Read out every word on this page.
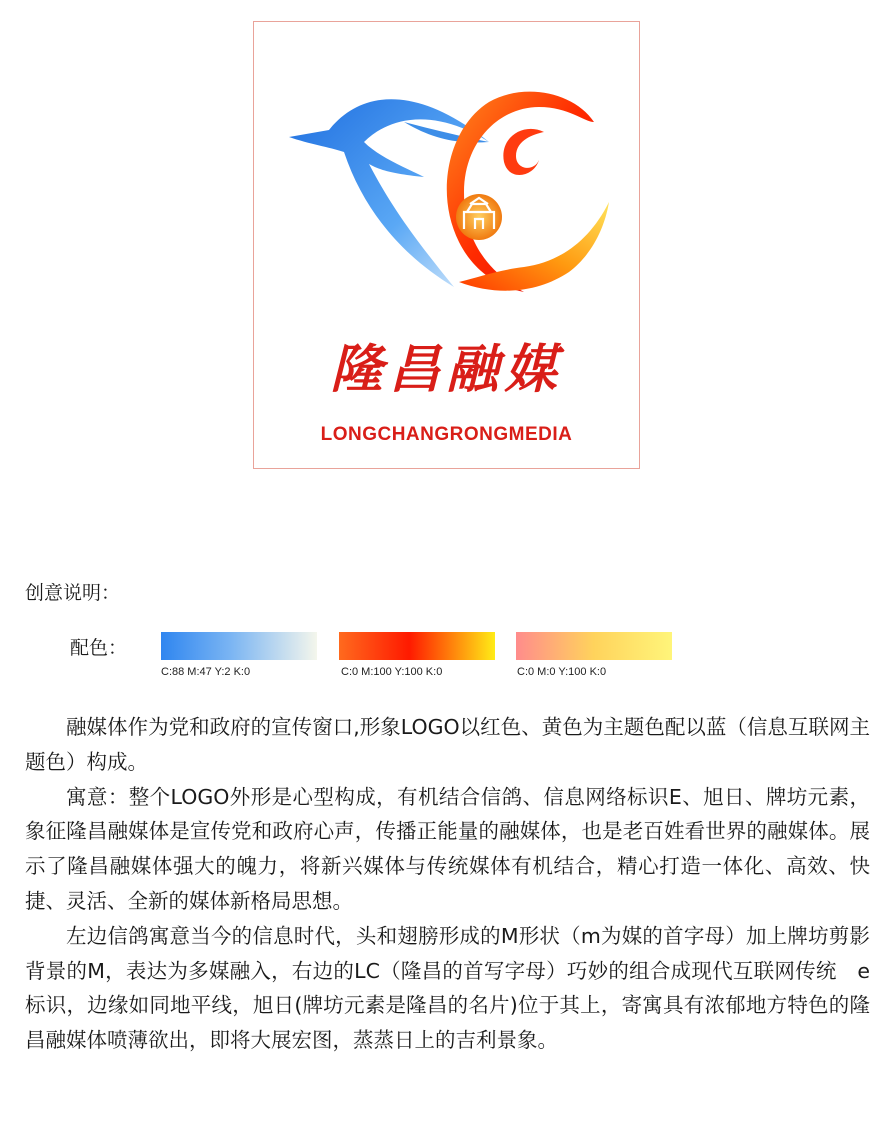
隆昌融媒
LONGCHANGRONGMEDIA
创意说明：
配色：
C:88 M:47 Y:2 K:0	C:0 M:100 Y:100 K:0	C:0 M:0 Y:100 K:0

融媒体作为党和政府的宣传窗口,形象LOGO以红色、黄色为主题色配以蓝（信息互联网主题色）构成。

寓意：整个LOGO外形是心型构成，有机结合信鸽、信息网络标识E、旭日、牌坊元素，象征隆昌融媒体是宣传党和政府心声，传播正能量的融媒体，也是老百姓看世界的融媒体。展示了隆昌融媒体强大的魄力，将新兴媒体与传统媒体有机结合，精心打造一体化、高效、快捷、灵活、全新的媒体新格局思想。

左边信鸽寓意当今的信息时代，头和翅膀形成的M形状（m为媒的首字母）加上牌坊剪影背景的M，表达为多媒融入，右边的LC（隆昌的首写字母）巧妙的组合成现代互联网传统　e　标识，边缘如同地平线，旭日(牌坊元素是隆昌的名片)位于其上，寄寓具有浓郁地方特色的隆昌融媒体喷薄欲出，即将大展宏图，蒸蒸日上的吉利景象。
